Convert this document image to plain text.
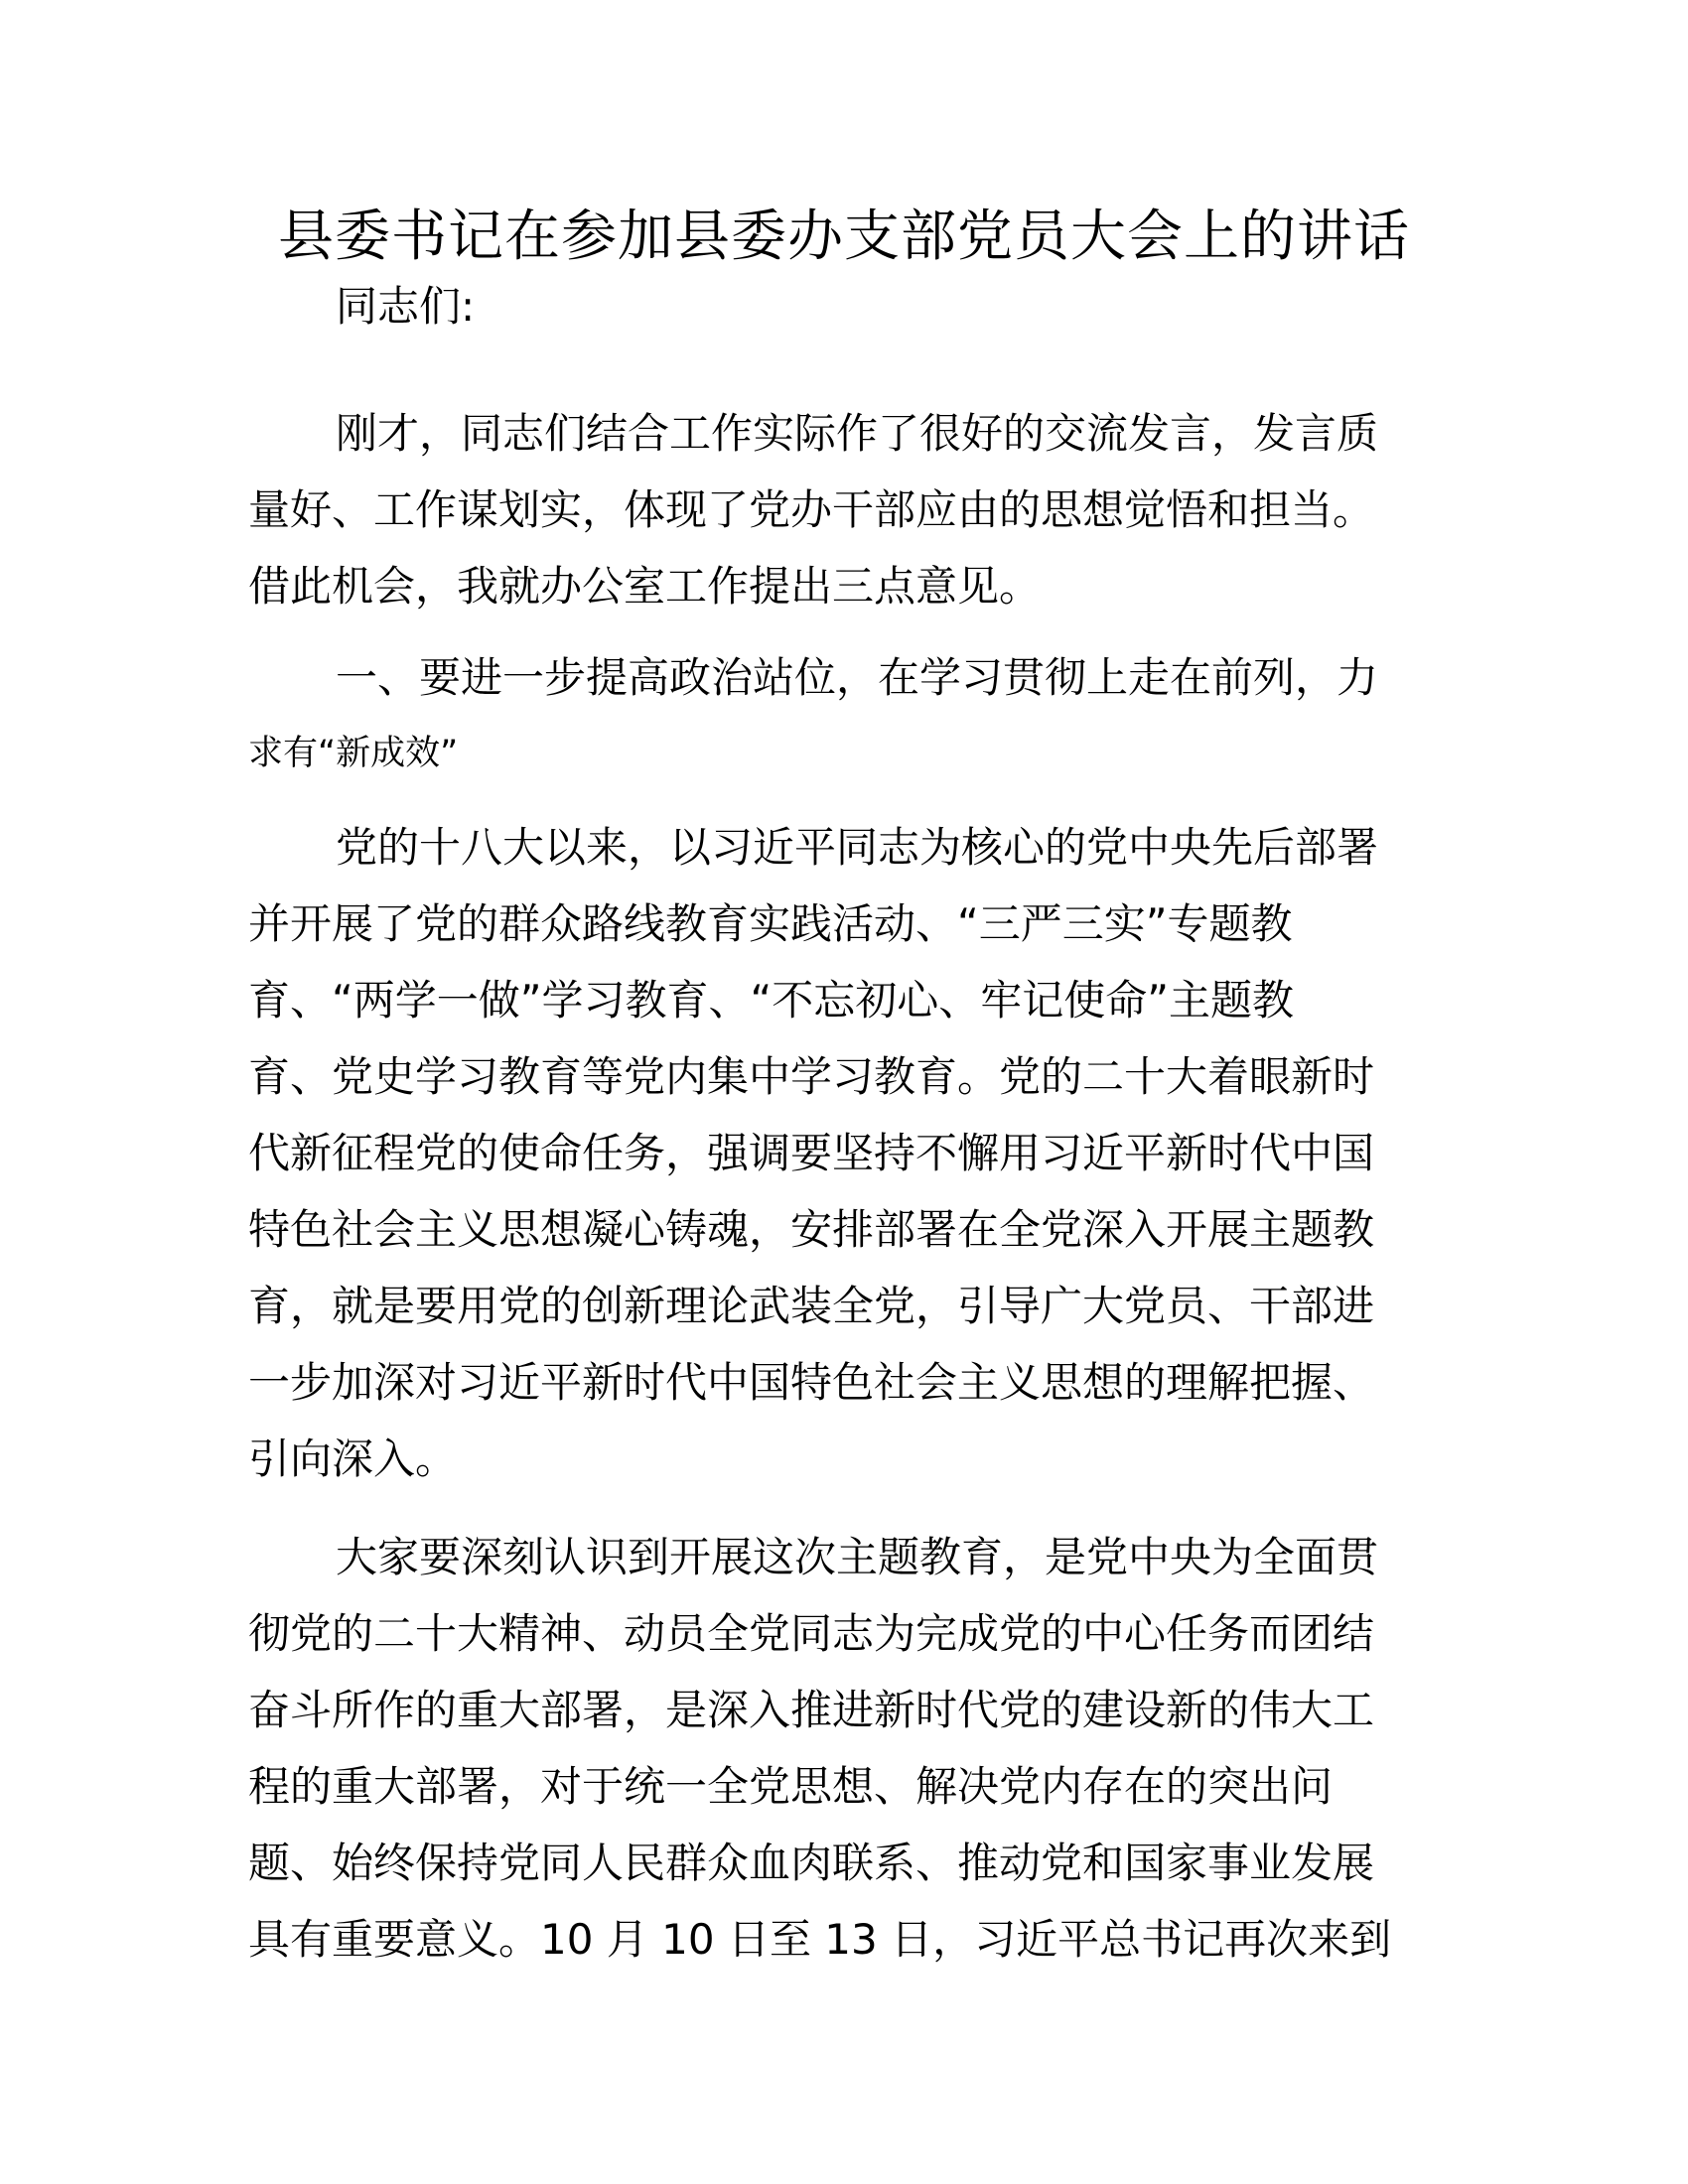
县委书记在参加县委办支部党员大会上的讲话

同志们:

刚才，同志们结合工作实际作了很好的交流发言，发言质
量好、工作谋划实，体现了党办干部应由的思想觉悟和担当。
借此机会，我就办公室工作提出三点意见。
一、要进一步提高政治站位，在学习贯彻上走在前列，力
求有“新成效”
党的十八大以来，以习近平同志为核心的党中央先后部署
并开展了党的群众路线教育实践活动、“三严三实”专题教
育、“两学一做”学习教育、“不忘初心、牢记使命”主题教
育、党史学习教育等党内集中学习教育。党的二十大着眼新时
代新征程党的使命任务，强调要坚持不懈用习近平新时代中国
特色社会主义思想凝心铸魂，安排部署在全党深入开展主题教
育，就是要用党的创新理论武装全党，引导广大党员、干部进
一步加深对习近平新时代中国特色社会主义思想的理解把握、
引向深入。
大家要深刻认识到开展这次主题教育，是党中央为全面贯
彻党的二十大精神、动员全党同志为完成党的中心任务而团结
奋斗所作的重大部署，是深入推进新时代党的建设新的伟大工
程的重大部署，对于统一全党思想、解决党内存在的突出问
题、始终保持党同人民群众血肉联系、推动党和国家事业发展
具有重要意义。10 月 10 日至 13 日，习近平总书记再次来到
